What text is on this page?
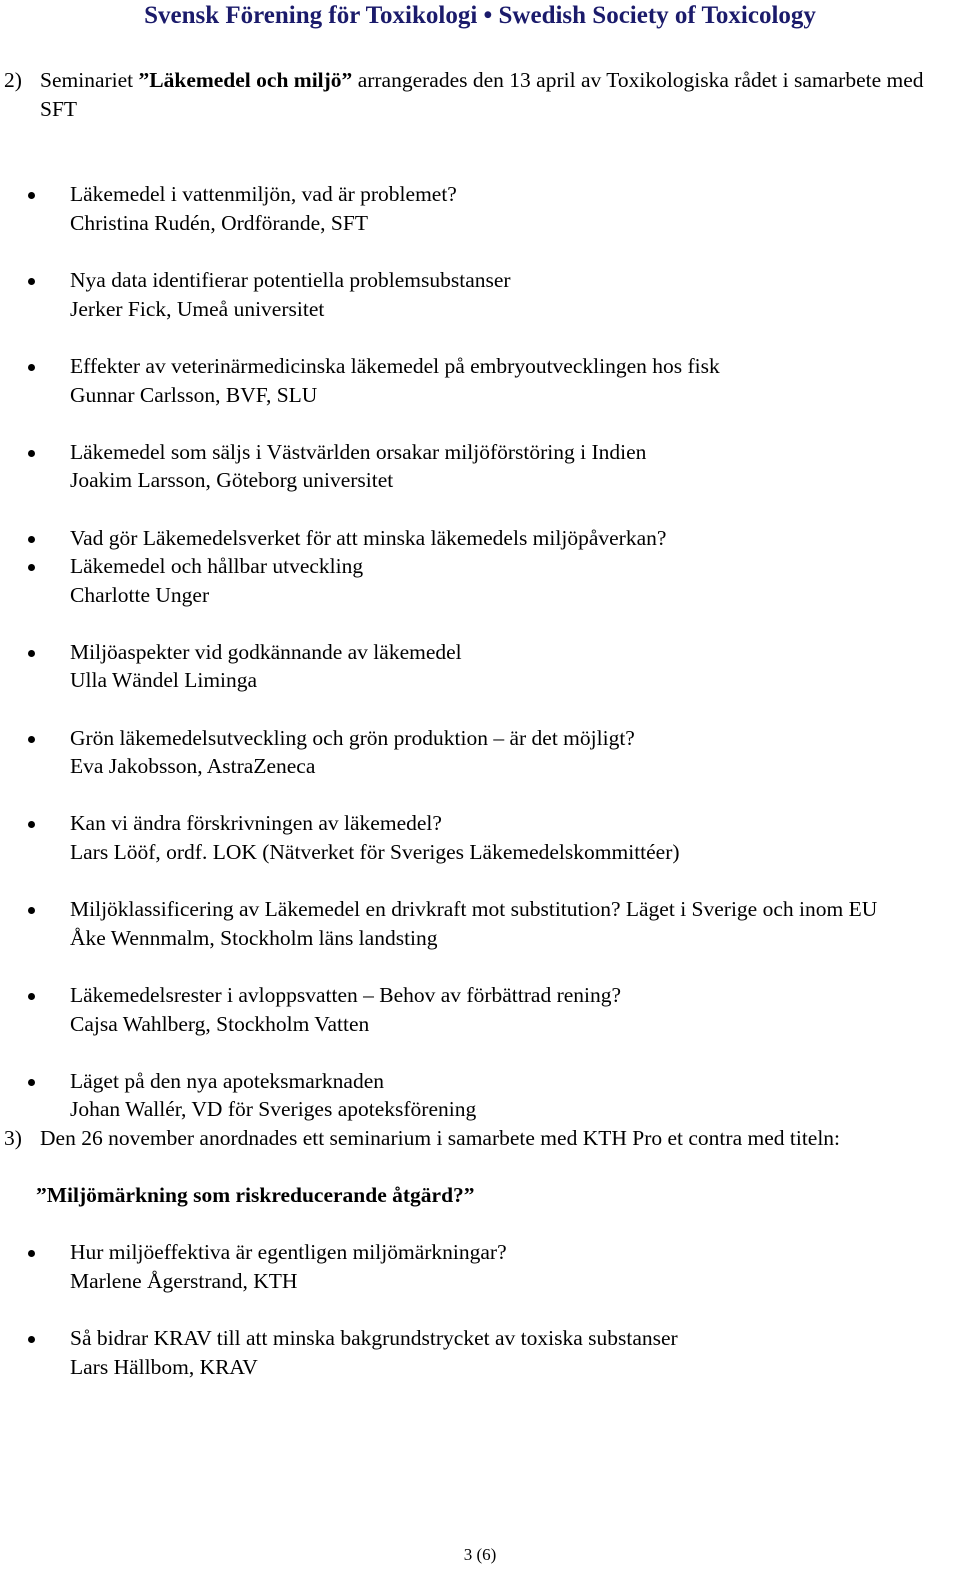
Svensk Förening för Toxikologi • Swedish Society of Toxicology

2) Seminariet ”Läkemedel och miljö” arrangerades den 13 april av Toxikologiska rådet i samarbete med SFT

Läkemedel i vattenmiljön, vad är problemet?
Christina Rudén, Ordförande, SFT
Nya data identifierar potentiella problemsubstanser
Jerker Fick, Umeå universitet
Effekter av veterinärmedicinska läkemedel på embryoutvecklingen hos fisk
Gunnar Carlsson, BVF, SLU
Läkemedel som säljs i Västvärlden orsakar miljöförstöring i Indien
Joakim Larsson, Göteborg universitet
Vad gör Läkemedelsverket för att minska läkemedels miljöpåverkan?
Läkemedel och hållbar utveckling
Charlotte Unger
Miljöaspekter vid godkännande av läkemedel
Ulla Wändel Liminga
Grön läkemedelsutveckling och grön produktion – är det möjligt?
Eva Jakobsson, AstraZeneca
Kan vi ändra förskrivningen av läkemedel?
Lars Lööf, ordf. LOK (Nätverket för Sveriges Läkemedelskommittéer)
Miljöklassificering av Läkemedel en drivkraft mot substitution? Läget i Sverige och inom EU
Åke Wennmalm, Stockholm läns landsting
Läkemedelsrester i avloppsvatten – Behov av förbättrad rening?
Cajsa Wahlberg, Stockholm Vatten
Läget på den nya apoteksmarknaden
Johan Wallér, VD för Sveriges apoteksförening

3) Den 26 november anordnades ett seminarium i samarbete med KTH Pro et contra med titeln:

”Miljömärkning som riskreducerande åtgärd?”

Hur miljöeffektiva är egentligen miljömärkningar?
Marlene Ågerstrand, KTH
Så bidrar KRAV till att minska bakgrundstrycket av toxiska substanser
Lars Hällbom, KRAV
3 (6)
